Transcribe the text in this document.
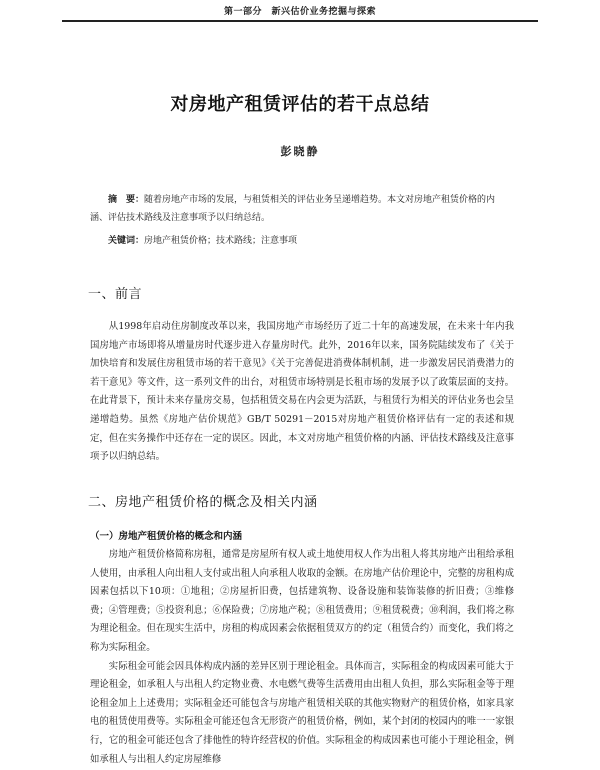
第一部分　新兴估价业务挖掘与探索
对房地产租赁评估的若干点总结
彭晓静

摘　要：随着房地产市场的发展，与租赁相关的评估业务呈递增趋势。本文对房地产租赁价格的内涵、评估技术路线及注意事项予以归纳总结。

关键词：房地产租赁价格；技术路线；注意事项

一、前言

从1998年启动住房制度改革以来，我国房地产市场经历了近二十年的高速发展，在未来十年内我国房地产市场即将从增量房时代逐步进入存量房时代。此外，2016年以来，国务院陆续发布了《关于加快培育和发展住房租赁市场的若干意见》《关于完善促进消费体制机制，进一步激发居民消费潜力的若干意见》等文件，这一系列文件的出台，对租赁市场特别是长租市场的发展予以了政策层面的支持。在此背景下，预计未来存量房交易，包括租赁交易在内会更为活跃，与租赁行为相关的评估业务也会呈递增趋势。虽然《房地产估价规范》GB/T 50291－2015对房地产租赁价格评估有一定的表述和规定，但在实务操作中还存在一定的误区。因此，本文对房地产租赁价格的内涵、评估技术路线及注意事项予以归纳总结。

二、房地产租赁价格的概念及相关内涵
（一）房地产租赁价格的概念和内涵

房地产租赁价格简称房租，通常是房屋所有权人或土地使用权人作为出租人将其房地产出租给承租人使用，由承租人向出租人支付或出租人向承租人收取的金额。在房地产估价理论中，完整的房租构成因素包括以下10项：①地租；②房屋折旧费，包括建筑物、设备设施和装饰装修的折旧费；③维修费；④管理费；⑤投资利息；⑥保险费；⑦房地产税；⑧租赁费用；⑨租赁税费；⑩利润，我们将之称为理论租金。但在现实生活中，房租的构成因素会依据租赁双方的约定（租赁合约）而变化，我们将之称为实际租金。

实际租金可能会因具体构成内涵的差异区别于理论租金。具体而言，实际租金的构成因素可能大于理论租金，如承租人与出租人约定物业费、水电燃气费等生活费用由出租人负担，那么实际租金等于理论租金加上上述费用；实际租金还可能包含与房地产租赁相关联的其他实物财产的租赁价格，如家具家电的租赁使用费等。实际租金可能还包含无形资产的租赁价格，例如，某个封闭的校园内的唯一一家银行，它的租金可能还包含了排他性的特许经营权的价值。实际租金的构成因素也可能小于理论租金，例如承租人与出租人约定房屋维修
